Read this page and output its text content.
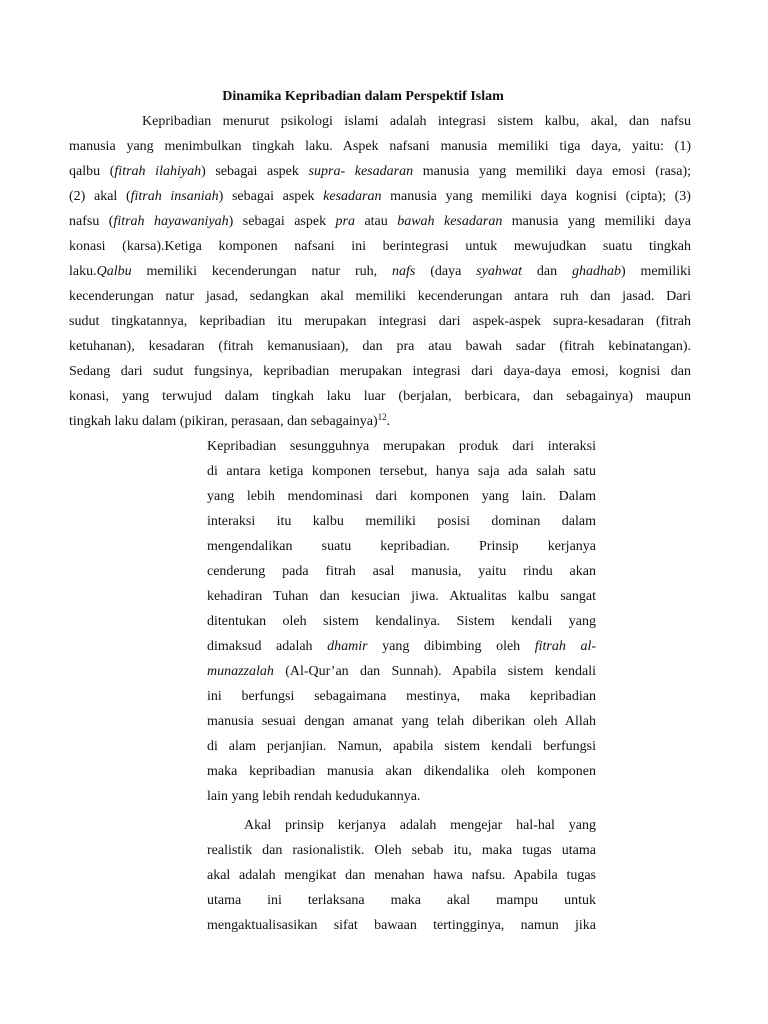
Dinamika Kepribadian dalam Perspektif Islam
Kepribadian menurut psikologi islami adalah integrasi sistem kalbu, akal, dan nafsu
manusia yang menimbulkan tingkah laku. Aspek nafsani manusia memiliki tiga daya, yaitu: (1)
qalbu (fitrah ilahiyah) sebagai aspek supra- kesadaran manusia yang memiliki daya emosi (rasa);
(2) akal (fitrah insaniah) sebagai aspek kesadaran manusia yang memiliki daya kognisi (cipta); (3)
nafsu (fitrah hayawaniyah) sebagai aspek pra atau bawah kesadaran manusia yang memiliki daya
konasi (karsa).Ketiga komponen nafsani ini berintegrasi untuk mewujudkan suatu tingkah
laku.Qalbu memiliki kecenderungan natur ruh, nafs (daya syahwat dan ghadhab) memiliki
kecenderungan natur jasad, sedangkan akal memiliki kecenderungan antara ruh dan jasad. Dari
sudut tingkatannya, kepribadian itu merupakan integrasi dari aspek-aspek supra-kesadaran (fitrah
ketuhanan), kesadaran (fitrah kemanusiaan), dan pra atau bawah sadar (fitrah kebinatangan).
Sedang dari sudut fungsinya, kepribadian merupakan integrasi dari daya-daya emosi, kognisi dan
konasi, yang terwujud dalam tingkah laku luar (berjalan, berbicara, dan sebagainya) maupun
tingkah laku dalam (pikiran, perasaan, dan sebagainya)$^{12}$.
Kepribadian sesungguhnya merupakan produk dari interaksi
di antara ketiga komponen tersebut, hanya saja ada salah satu
yang lebih mendominasi dari komponen yang lain. Dalam
interaksi itu kalbu memiliki posisi dominan dalam
mengendalikan suatu kepribadian. Prinsip kerjanya
cenderung pada fitrah asal manusia, yaitu rindu akan
kehadiran Tuhan dan kesucian jiwa. Aktualitas kalbu sangat
ditentukan oleh sistem kendalinya. Sistem kendali yang
dimaksud adalah dhamir yang dibimbing oleh fitrah al-
munazzalah (Al-Qur’an dan Sunnah). Apabila sistem kendali
ini berfungsi sebagaimana mestinya, maka kepribadian
manusia sesuai dengan amanat yang telah diberikan oleh Allah
di alam perjanjian. Namun, apabila sistem kendali berfungsi
maka kepribadian manusia akan dikendalika oleh komponen
lain yang lebih rendah kedudukannya.
Akal prinsip kerjanya adalah mengejar hal-hal yang
realistik dan rasionalistik. Oleh sebab itu, maka tugas utama
akal adalah mengikat dan menahan hawa nafsu. Apabila tugas
utama ini terlaksana maka akal mampu untuk
mengaktualisasikan sifat bawaan tertingginya, namun jika
